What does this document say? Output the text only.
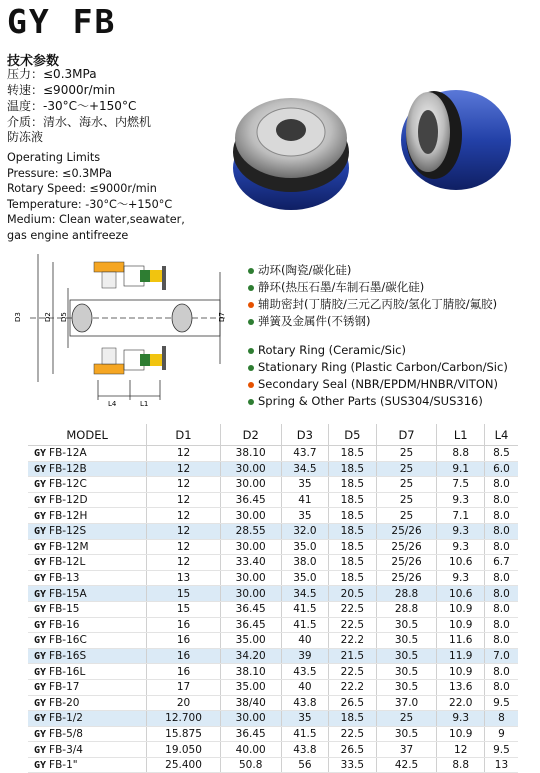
GY FB
技术参数
压力：≤0.3MPa
转速：≤9000r/min
温度：-30°C～+150°C
介质：清水、海水、内燃机
防冻液
Operating Limits
Pressure: ≤0.3MPa
Rotary Speed: ≤9000r/min
Temperature: -30°C～+150°C
Medium: Clean water,seawater,
gas engine antifreeze
D3	D2 D5	D7
L4	L1
动环(陶瓷/碳化硅)
静环(热压石墨/车制石墨/碳化硅)
辅助密封(丁腈胶/三元乙丙胶/氢化丁腈胶/氟胶)
弹簧及金属件(不锈钢)
Rotary Ring (Ceramic/Sic)
Stationary Ring (Plastic Carbon/Carbon/Sic)
Secondary Seal (NBR/EPDM/HNBR/VITON)
Spring & Other Parts (SUS304/SUS316)
MODEL	D1	D2	D3	D5	D7	L1	L4
GY FB-12A	12	38.10	43.7	18.5	25	8.8	8.5
GY FB-12B	12	30.00	34.5	18.5	25	9.1	6.0
GY FB-12C	12	30.00	35	18.5	25	7.5	8.0
GY FB-12D	12	36.45	41	18.5	25	9.3	8.0
GY FB-12H	12	30.00	35	18.5	25	7.1	8.0
GY FB-12S	12	28.55	32.0	18.5	25/26	9.3	8.0
GY FB-12M	12	30.00	35.0	18.5	25/26	9.3	8.0
GY FB-12L	12	33.40	38.0	18.5	25/26	10.6	6.7
GY FB-13	13	30.00	35.0	18.5	25/26	9.3	8.0
GY FB-15A	15	30.00	34.5	20.5	28.8	10.6	8.0
GY FB-15	15	36.45	41.5	22.5	28.8	10.9	8.0
GY FB-16	16	36.45	41.5	22.5	30.5	10.9	8.0
GY FB-16C	16	35.00	40	22.2	30.5	11.6	8.0
GY FB-16S	16	34.20	39	21.5	30.5	11.9	7.0
GY FB-16L	16	38.10	43.5	22.5	30.5	10.9	8.0
GY FB-17	17	35.00	40	22.2	30.5	13.6	8.0
GY FB-20	20	38/40	43.8	26.5	37.0	22.0	9.5
GY FB-1/2	12.700	30.00	35	18.5	25	9.3	8
GY FB-5/8	15.875	36.45	41.5	22.5	30.5	10.9	9
GY FB-3/4	19.050	40.00	43.8	26.5	37	12	9.5
GY FB-1"	25.400	50.8	56	33.5	42.5	8.8	13
